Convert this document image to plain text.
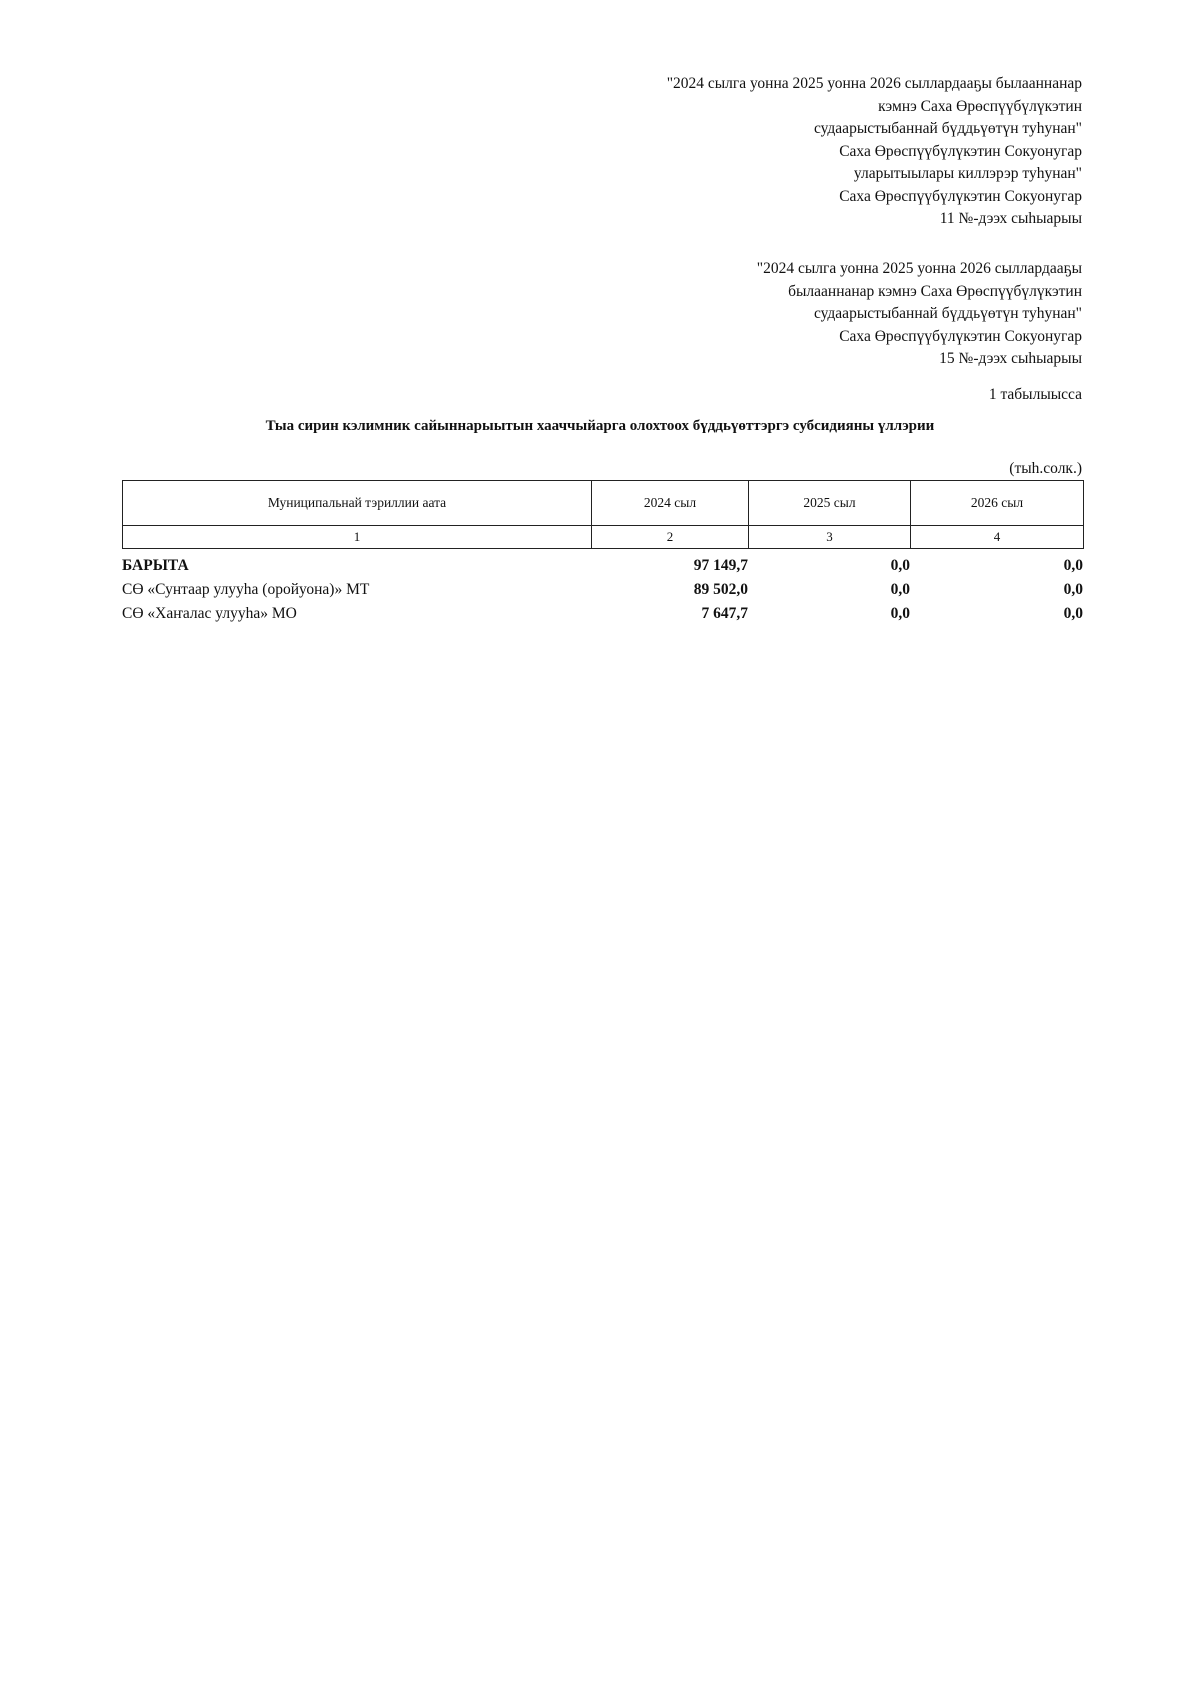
"2024 сылга уонна 2025 уонна 2026 сыллардааҕы былааннанар
кэмнэ Саха Өрөспүүбүлүкэтин
судаарыстыбаннай бүддьүөтүн туһунан"
Саха Өрөспүүбүлүкэтин Сокуонугар
уларытыылары киллэрэр туһунан"
Саха Өрөспүүбүлүкэтин Сокуонугар
11 №-дээх сыһыарыы
"2024 сылга уонна 2025 уонна 2026 сыллардааҕы
былааннанар кэмнэ Саха Өрөспүүбүлүкэтин
судаарыстыбаннай бүддьүөтүн туһунан"
Саха Өрөспүүбүлүкэтин Сокуонугар
15 №-дээх сыһыарыы
1 табылыысса
Тыа сирин кэлимник сайыннарыытын хааччыйарга олохтоох бүддьүөттэргэ субсидияны үллэрии
(тыһ.солк.)
Муниципальнай тэриллии аата	2024 сыл	2025 сыл	2026 сыл
1	2	3	4
БАРЫТА	97 149,7	0,0	0,0
СӨ «Сунтаар улууһа (оройуона)» МТ	89 502,0	0,0	0,0
СӨ «Хаҥалас улууһа» МО	7 647,7	0,0	0,0
